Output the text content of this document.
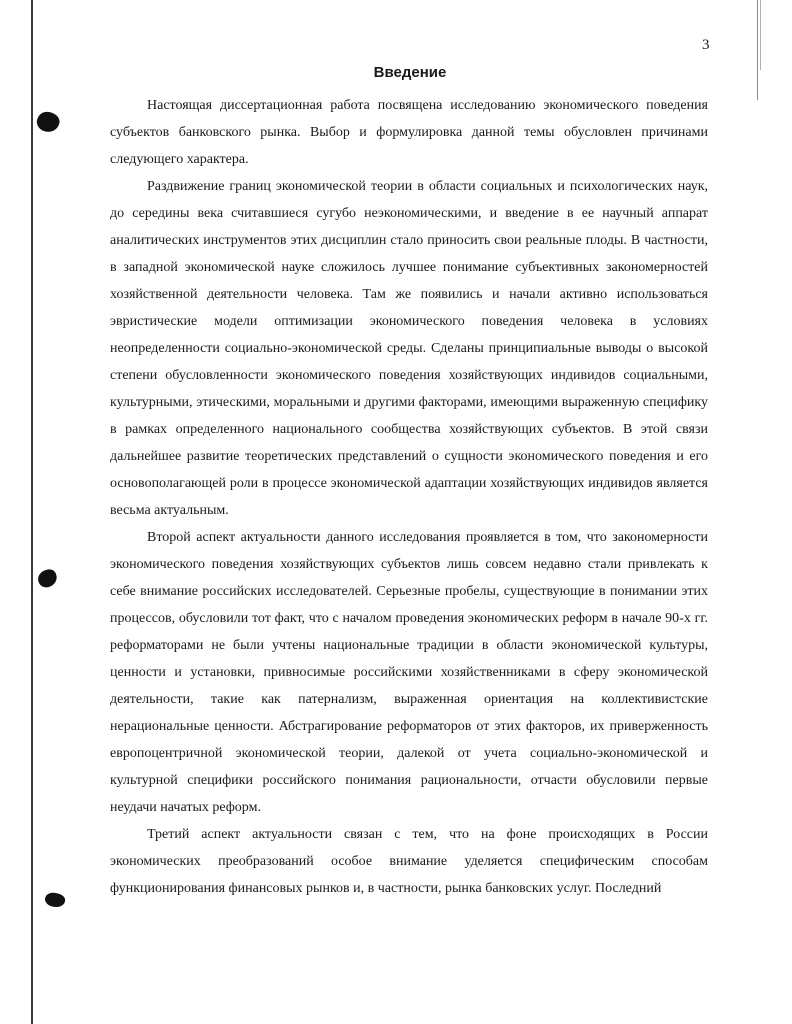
3
Введение

Настоящая диссертационная работа посвящена исследованию экономического поведения субъектов банковского рынка. Выбор и формулировка данной темы обусловлен причинами следующего характера.

Раздвижение границ экономической теории в области социальных и психологических наук, до середины века считавшиеся сугубо неэкономическими, и введение в ее научный аппарат аналитических инструментов этих дисциплин стало приносить свои реальные плоды. В частности, в западной экономической науке сложилось лучшее понимание субъективных закономерностей хозяйственной деятельности человека. Там же появились и начали активно использоваться эвристические модели оптимизации экономического поведения человека в условиях неопределенности социально-экономической среды. Сделаны принципиальные выводы о высокой степени обусловленности экономического поведения хозяйствующих индивидов социальными, культурными, этическими, моральными и другими факторами, имеющими выраженную специфику в рамках определенного национального сообщества хозяйствующих субъектов. В этой связи дальнейшее развитие теоретических представлений о сущности экономического поведения и его основополагающей роли в процессе экономической адаптации хозяйствующих индивидов является весьма актуальным.

Второй аспект актуальности данного исследования проявляется в том, что закономерности экономического поведения хозяйствующих субъектов лишь совсем недавно стали привлекать к себе внимание российских исследователей. Серьезные пробелы, существующие в понимании этих процессов, обусловили тот факт, что с началом проведения экономических реформ в начале 90-х гг. реформаторами не были учтены национальные традиции в области экономической культуры, ценности и установки, привносимые российскими хозяйственниками в сферу экономической деятельности, такие как патернализм, выраженная ориентация на коллективистские нерациональные ценности. Абстрагирование реформаторов от этих факторов, их приверженность европоцентричной экономической теории, далекой от учета социально-экономической и культурной специфики российского понимания рациональности, отчасти обусловили первые неудачи начатых реформ.

Третий аспект актуальности связан с тем, что на фоне происходящих в России экономических преобразований особое внимание уделяется специфическим способам функционирования финансовых рынков и, в частности, рынка банковских услуг. Последний
